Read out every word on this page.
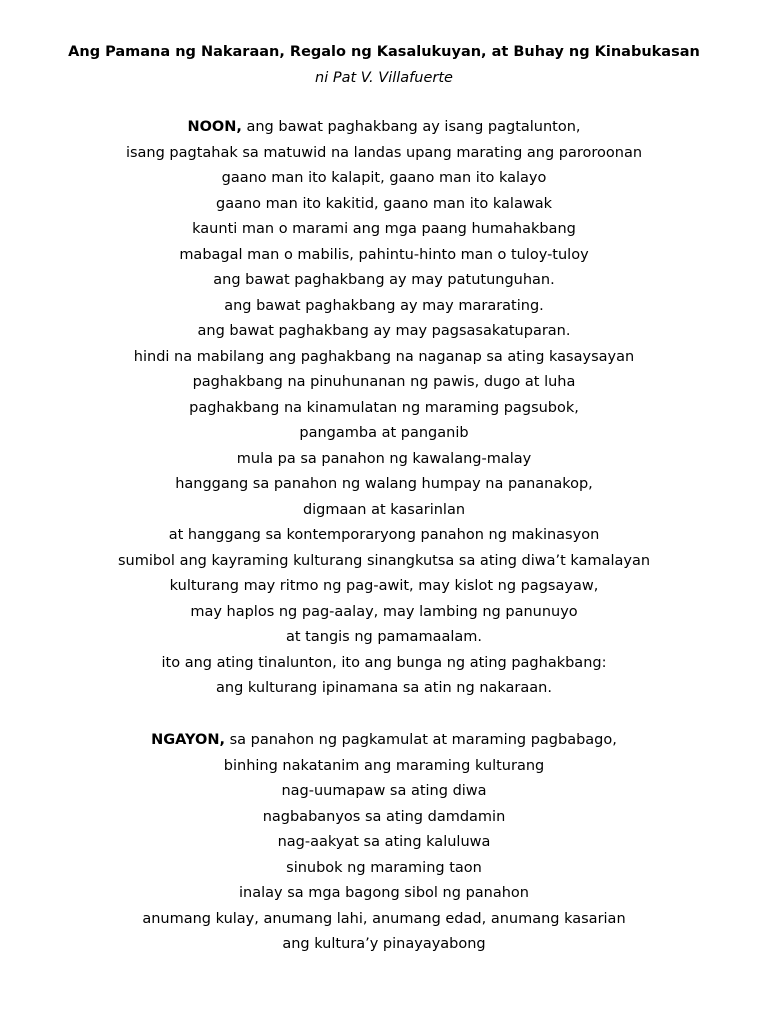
Ang Pamana ng Nakaraan, Regalo ng Kasalukuyan, at Buhay ng Kinabukasan
ni Pat V. Villafuerte
NOON, ang bawat paghakbang ay isang pagtalunton,
isang pagtahak sa matuwid na landas upang marating ang paroroonan
gaano man ito kalapit, gaano man ito kalayo
gaano man ito kakitid, gaano man ito kalawak
kaunti man o marami ang mga paang humahakbang
mabagal man o mabilis, pahintu-hinto man o tuloy-tuloy
ang bawat paghakbang ay may patutunguhan.
ang bawat paghakbang ay may mararating.
ang bawat paghakbang ay may pagsasakatuparan.
hindi na mabilang ang paghakbang na naganap sa ating kasaysayan
paghakbang na pinuhunanan ng pawis, dugo at luha
paghakbang na kinamulatan ng maraming pagsubok,
pangamba at panganib
mula pa sa panahon ng kawalang-malay
hanggang sa panahon ng walang humpay na pananakop,
digmaan at kasarinlan
at hanggang sa kontemporaryong panahon ng makinasyon
sumibol ang kayraming kulturang sinangkutsa sa ating diwa’t kamalayan
kulturang may ritmo ng pag-awit, may kislot ng pagsayaw,
may haplos ng pag-aalay, may lambing ng panunuyo
at tangis ng pamamaalam.
ito ang ating tinalunton, ito ang bunga ng ating paghakbang:
ang kulturang ipinamana sa atin ng nakaraan.
NGAYON, sa panahon ng pagkamulat at maraming pagbabago,
binhing nakatanim ang maraming kulturang
nag-uumapaw sa ating diwa
nagbabanyos sa ating damdamin
nag-aakyat sa ating kaluluwa
sinubok ng maraming taon
inalay sa mga bagong sibol ng panahon
anumang kulay, anumang lahi, anumang edad, anumang kasarian
ang kultura’y pinayayabong
